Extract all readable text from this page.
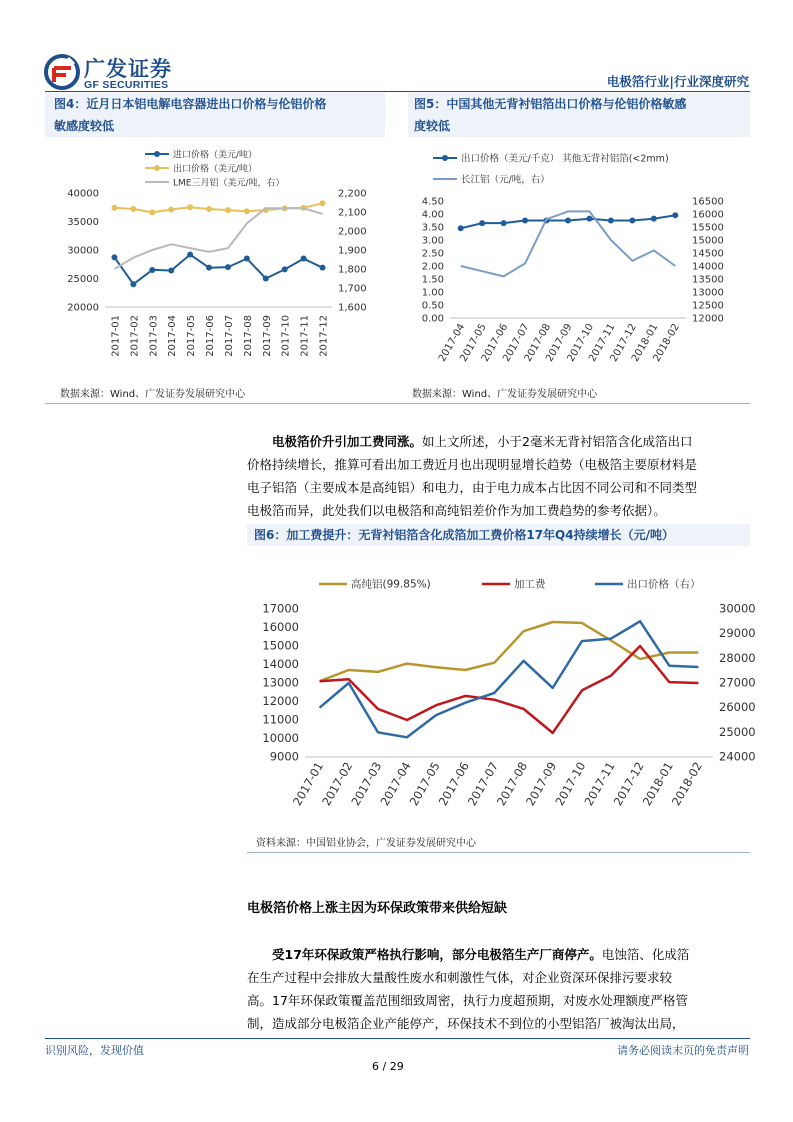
广发证券
GF SECURITIES	电极箔行业|行业深度研究
图4：近月日本铝电解电容器进出口价格与伦铝价格
敏感度较低
20000
25000
30000
35000
40000
1,600
1,700
1,800
1,900
2,000
2,100
2,200
2017-01 2017-02 2017-03 2017-04 2017-05 2017-06 2017-07 2017-08 2017-09 2017-10 2017-11 2017-12
进口价格（美元/吨）
出口价格（美元/吨）
LME三月铝（美元/吨，右）
数据来源：Wind、广发证券发展研究中心
图5：中国其他无背衬铝箔出口价格与伦铝价格敏感
度较低
0.00
0.50
1.00
1.50
2.00
2.50
3.00
3.50
4.00
4.50
12000
12500
13000
13500
14000
14500
15000
15500
16000
16500
2017-04
2017-05
2017-06
2017-07
2017-08
2017-09
2017-10
2017-11
2017-12
2018-01
2018-02
出口价格（美元/千克） 其他无背衬铝箔(<2mm)
长江铝（元/吨，右）
数据来源：Wind、广发证券发展研究中心
电极箔价升引加工费同涨。如上文所述，小于2毫米无背衬铝箔含化成箔出口
价格持续增长，推算可看出加工费近月也出现明显增长趋势（电极箔主要原材料是
电子铝箔（主要成本是高纯铝）和电力，由于电力成本占比因不同公司和不同类型
电极箔而异，此处我们以电极箔和高纯铝差价作为加工费趋势的参考依据）。
图6：加工费提升：无背衬铝箔含化成箔加工费价格17年Q4持续增长（元/吨）
9000
10000
11000
12000
13000
14000
15000
16000
17000
24000
25000
26000
27000
28000
29000
30000
2017-01
2017-02
2017-03
2017-04
2017-05
2017-06
2017-07
2017-08
2017-09
2017-10
2017-11
2017-12
2018-01
2018-02
高纯铝(99.85%)	加工费	出口价格（右）
资料来源：中国铝业协会，广发证券发展研究中心
电极箔价格上涨主因为环保政策带来供给短缺
受17年环保政策严格执行影响，部分电极箔生产厂商停产。电蚀箔、化成箔
在生产过程中会排放大量酸性废水和刺激性气体，对企业资深环保排污要求较
高。17年环保政策覆盖范围细致周密，执行力度超预期，对废水处理额度严格管
制，造成部分电极箔企业产能停产，环保技术不到位的小型铝箔厂被淘汰出局，
识别风险，发现价值
6 / 29
请务必阅读末页的免责声明
